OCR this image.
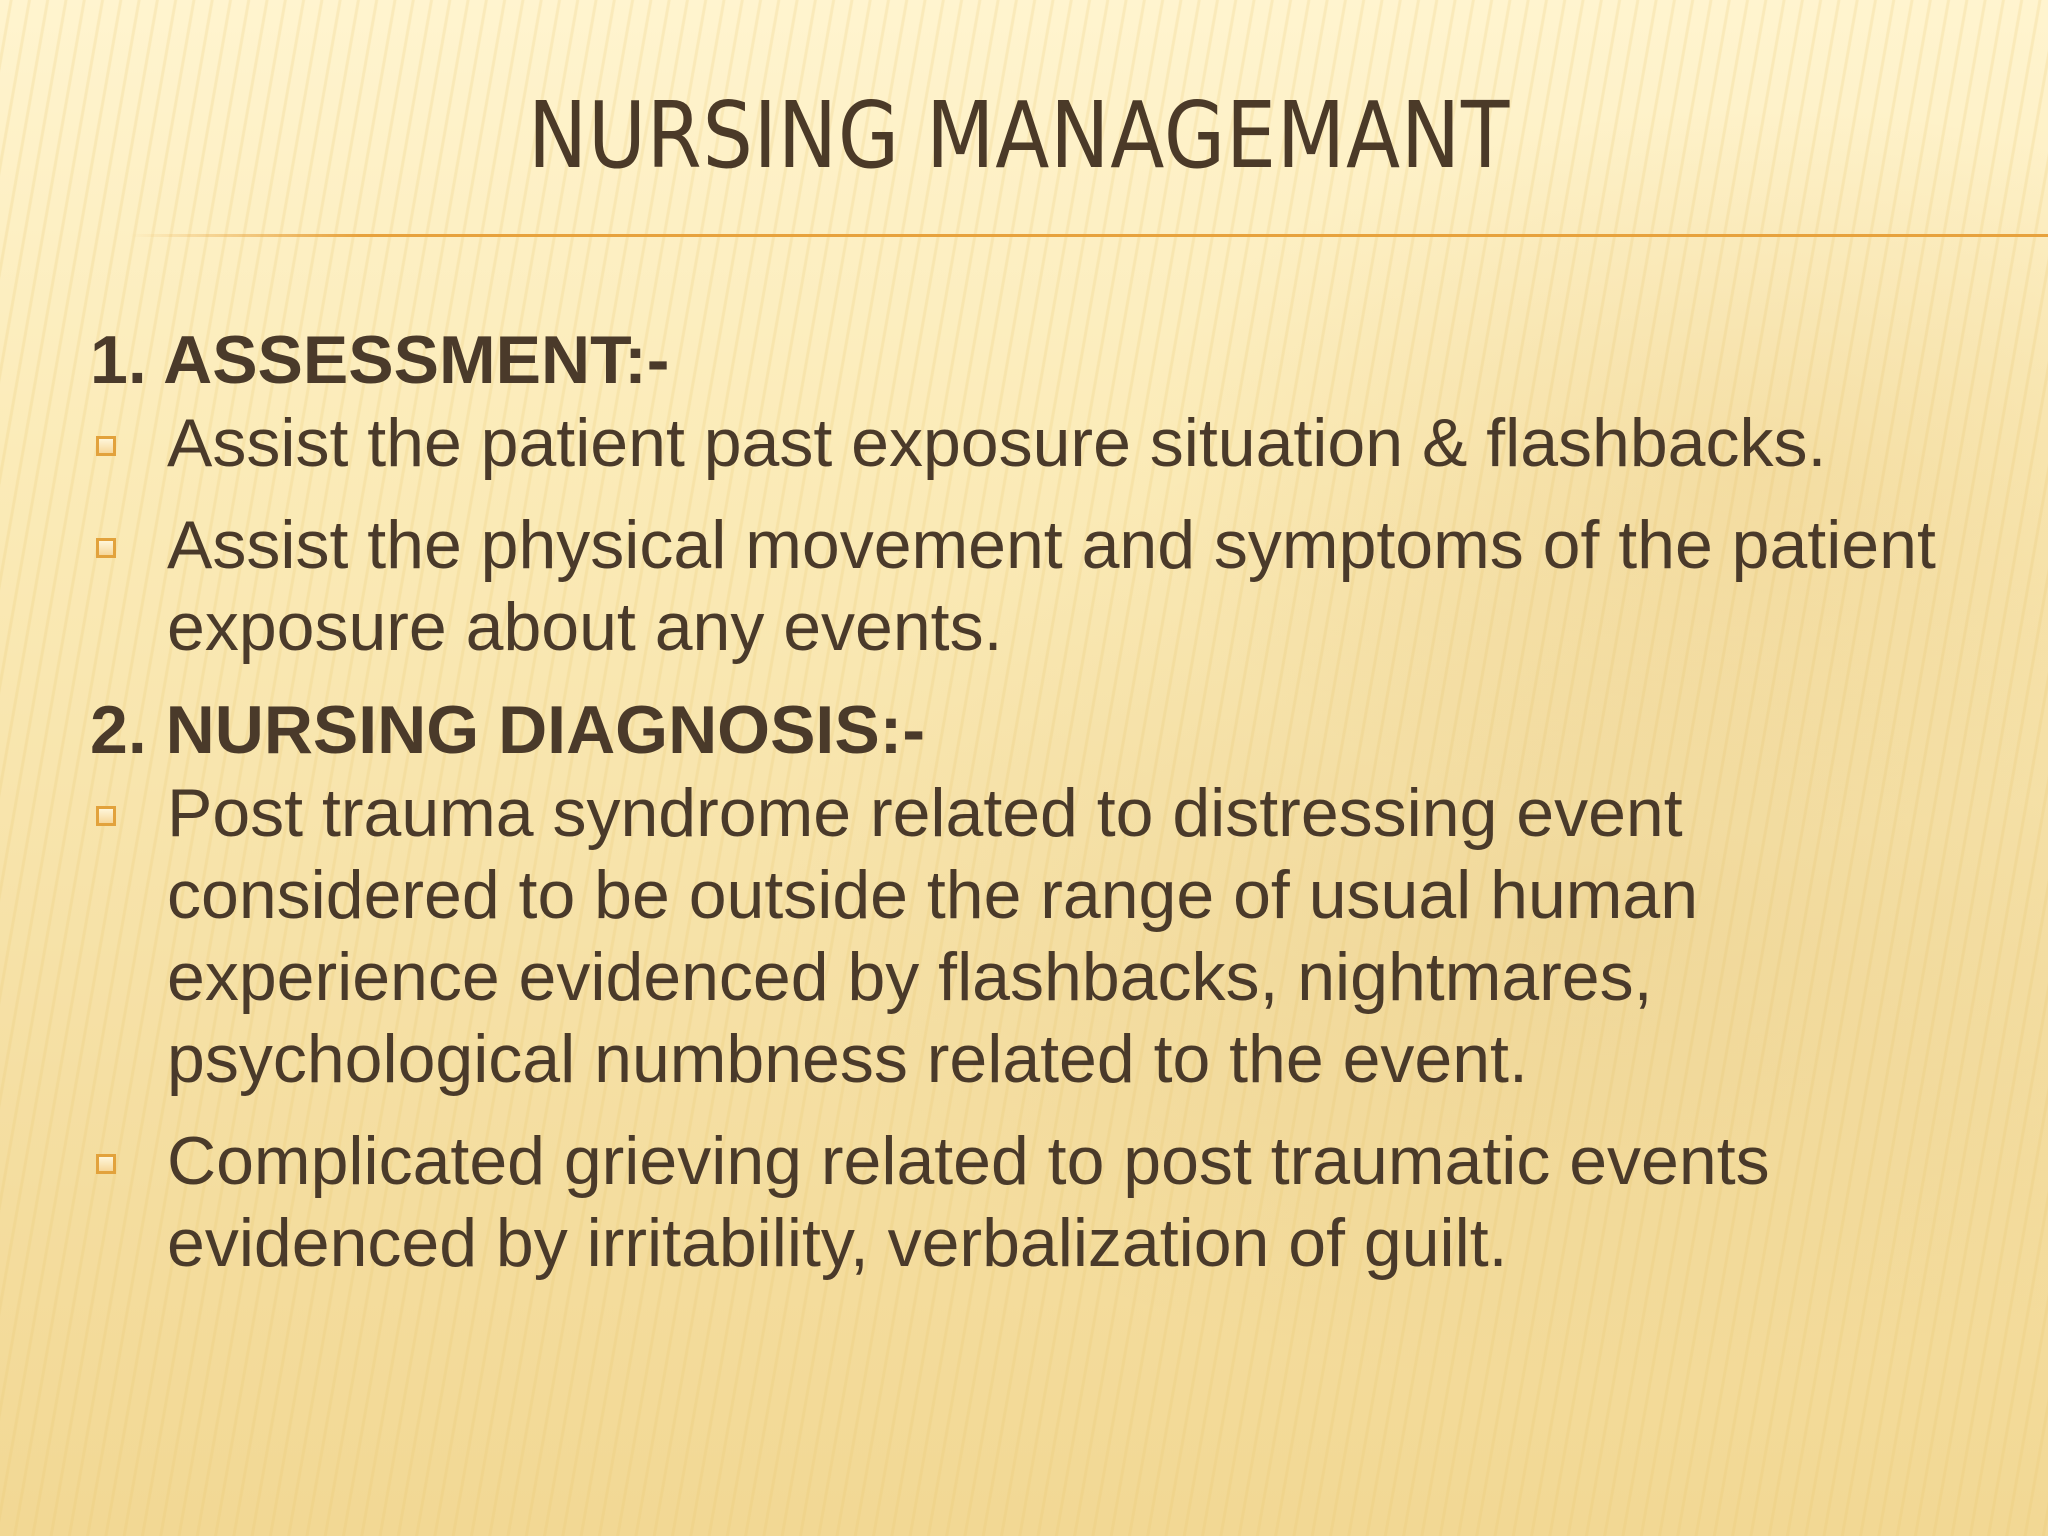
NURSING MANAGEMANT
1. ASSESSMENT:-
Assist the patient past exposure situation & flashbacks.
Assist the physical movement and symptoms of the patient exposure about any events.
2. NURSING DIAGNOSIS:-
Post trauma syndrome related to distressing event considered to be outside the range of usual human experience evidenced by flashbacks, nightmares, psychological numbness related to the event.
Complicated grieving related to post traumatic events evidenced by irritability, verbalization of guilt.
